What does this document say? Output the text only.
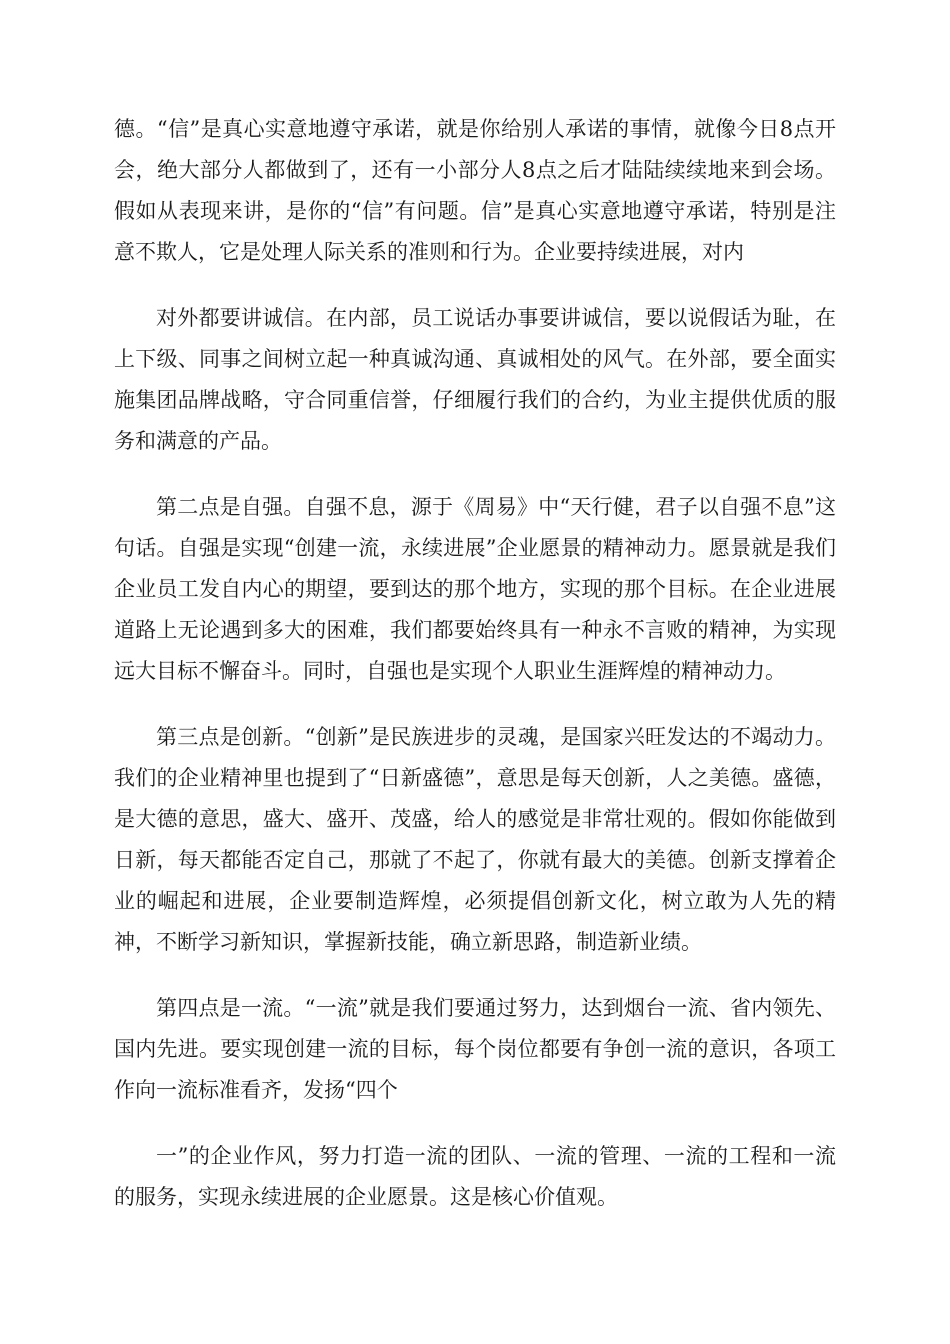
德。“信”是真心实意地遵守承诺，就是你给别人承诺的事情，就像今日8点开会，绝大部分人都做到了，还有一小部分人8点之后才陆陆续续地来到会场。假如从表现来讲，是你的“信”有问题。信”是真心实意地遵守承诺，特别是注意不欺人，它是处理人际关系的准则和行为。企业要持续进展，对内

对外都要讲诚信。在内部，员工说话办事要讲诚信，要以说假话为耻，在上下级、同事之间树立起一种真诚沟通、真诚相处的风气。在外部，要全面实施集团品牌战略，守合同重信誉，仔细履行我们的合约，为业主提供优质的服务和满意的产品。

第二点是自强。自强不息，源于《周易》中“天行健，君子以自强不息”这句话。自强是实现“创建一流，永续进展”企业愿景的精神动力。愿景就是我们企业员工发自内心的期望，要到达的那个地方，实现的那个目标。在企业进展道路上无论遇到多大的困难，我们都要始终具有一种永不言败的精神，为实现远大目标不懈奋斗。同时，自强也是实现个人职业生涯辉煌的精神动力。

第三点是创新。“创新”是民族进步的灵魂，是国家兴旺发达的不竭动力。我们的企业精神里也提到了“日新盛德”，意思是每天创新，人之美德。盛德，是大德的意思，盛大、盛开、茂盛，给人的感觉是非常壮观的。假如你能做到日新，每天都能否定自己，那就了不起了，你就有最大的美德。创新支撑着企业的崛起和进展，企业要制造辉煌，必须提倡创新文化，树立敢为人先的精神，不断学习新知识，掌握新技能，确立新思路，制造新业绩。

第四点是一流。“一流”就是我们要通过努力，达到烟台一流、省内领先、国内先进。要实现创建一流的目标，每个岗位都要有争创一流的意识，各项工作向一流标准看齐，发扬“四个

一”的企业作风，努力打造一流的团队、一流的管理、一流的工程和一流的服务，实现永续进展的企业愿景。这是核心价值观。
